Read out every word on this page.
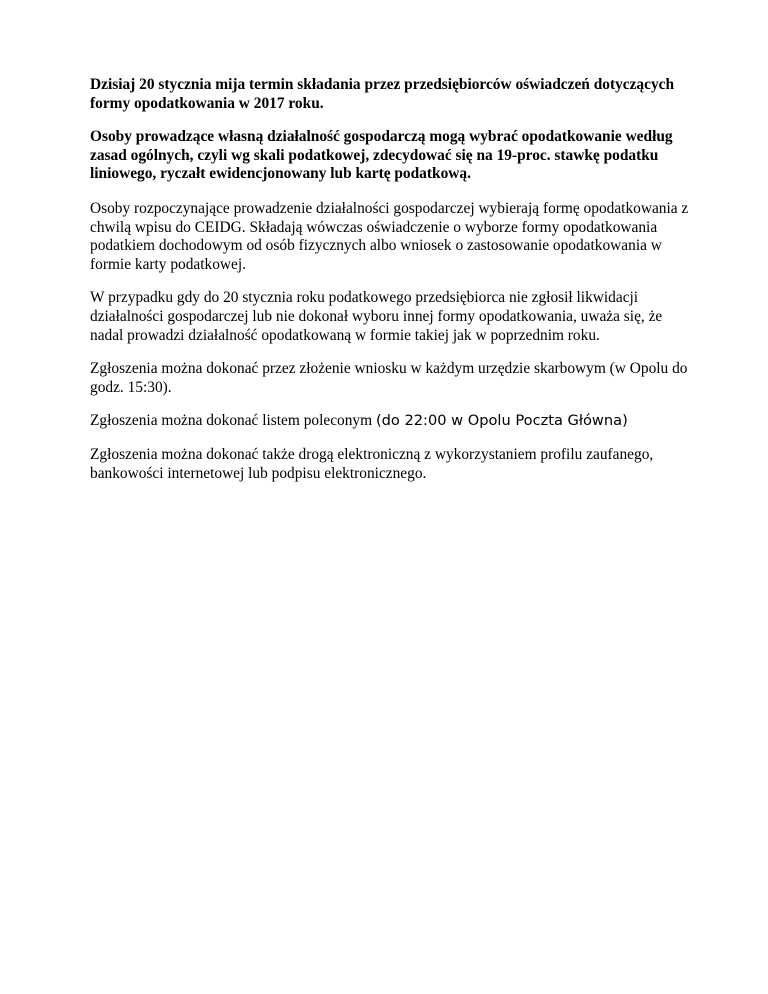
Dzisiaj 20 stycznia mija termin składania przez przedsiębiorców oświadczeń dotyczących formy opodatkowania w 2017 roku.

Osoby prowadzące własną działalność gospodarczą mogą wybrać opodatkowanie według zasad ogólnych, czyli wg skali podatkowej, zdecydować się na 19-proc. stawkę podatku liniowego, ryczałt ewidencjonowany lub kartę podatkową.

Osoby rozpoczynające prowadzenie działalności gospodarczej wybierają formę opodatkowania z chwilą wpisu do CEIDG. Składają wówczas oświadczenie o wyborze formy opodatkowania podatkiem dochodowym od osób fizycznych albo wniosek o zastosowanie opodatkowania w formie karty podatkowej.

W przypadku gdy do 20 stycznia roku podatkowego przedsiębiorca nie zgłosił likwidacji działalności gospodarczej lub nie dokonał wyboru innej formy opodatkowania, uważa się, że nadal prowadzi działalność opodatkowaną w formie takiej jak w poprzednim roku.

Zgłoszenia można dokonać przez złożenie wniosku w każdym urzędzie skarbowym (w Opolu do godz. 15:30).

Zgłoszenia można dokonać listem poleconym (do 22:00 w Opolu Poczta Główna)

Zgłoszenia można dokonać także drogą elektroniczną z wykorzystaniem profilu zaufanego, bankowości internetowej lub podpisu elektronicznego.
